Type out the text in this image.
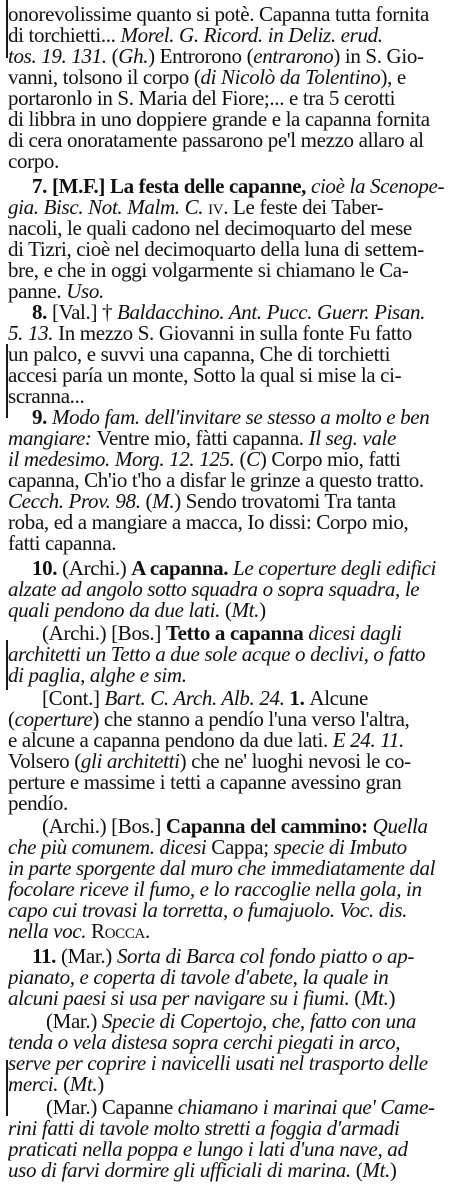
onorevolissime quanto si potè. Capanna tutta fornita
di torchietti... Morel. G. Ricord. in Deliz. erud.
tos. 19. 131. (Gh.) Entrorono (entrarono) in S. Gio-
vanni, tolsono il corpo (di Nicolò da Tolentino), e
portaronlo in S. Maria del Fiore;... e tra 5 cerotti
di libbra in uno doppiere grande e la capanna fornita
di cera onoratamente passarono pe'l mezzo allaro al
corpo.
7. [M.F.] La festa delle capanne, cioè la Scenope-
gia. Bisc. Not. Malm. C. iv. Le feste dei Taber-
nacoli, le quali cadono nel decimoquarto del mese
di Tizri, cioè nel decimoquarto della luna di settem-
bre, e che in oggi volgarmente si chiamano le Ca-
panne. Uso.
8. [Val.] † Baldacchino. Ant. Pucc. Guerr. Pisan.
5. 13. In mezzo S. Giovanni in sulla fonte Fu fatto
un palco, e suvvi una capanna, Che di torchietti
accesi paría un monte, Sotto la qual si mise la ci-
scranna...
9. Modo fam. dell'invitare se stesso a molto e ben
mangiare: Ventre mio, fàtti capanna. Il seg. vale
il medesimo. Morg. 12. 125. (C) Corpo mio, fatti
capanna, Ch'io t'ho a disfar le grinze a questo tratto.
Cecch. Prov. 98. (M.) Sendo trovatomi Tra tanta
roba, ed a mangiare a macca, Io dissi: Corpo mio,
fatti capanna.
10. (Archi.) A capanna. Le coperture degli edifici
alzate ad angolo sotto squadra o sopra squadra, le
quali pendono da due lati. (Mt.)
(Archi.) [Bos.] Tetto a capanna dicesi dagli
architetti un Tetto a due sole acque o declivi, o fatto
di paglia, alghe e sim.
[Cont.] Bart. C. Arch. Alb. 24. 1. Alcune
(coperture) che stanno a pendío l'una verso l'altra,
e alcune a capanna pendono da due lati. E 24. 11.
Volsero (gli architetti) che ne' luoghi nevosi le co-
perture e massime i tetti a capanne avessino gran
pendío.
(Archi.) [Bos.] Capanna del cammino: Quella
che più comunem. dicesi Cappa; specie di Imbuto
in parte sporgente dal muro che immediatamente dal
focolare riceve il fumo, e lo raccoglie nella gola, in
capo cui trovasi la torretta, o fumajuolo. Voc. dis.
nella voc. Rocca.
11. (Mar.) Sorta di Barca col fondo piatto o ap-
pianato, e coperta di tavole d'abete, la quale in
alcuni paesi si usa per navigare su i fiumi. (Mt.)
(Mar.) Specie di Copertojo, che, fatto con una
tenda o vela distesa sopra cerchi piegati in arco,
serve per coprire i navicelli usati nel trasporto delle
merci. (Mt.)
(Mar.) Capanne chiamano i marinai que' Came-
rini fatti di tavole molto stretti a foggia d'armadi
praticati nella poppa e lungo i lati d'una nave, ad
uso di farvi dormire gli ufficiali di marina. (Mt.)
